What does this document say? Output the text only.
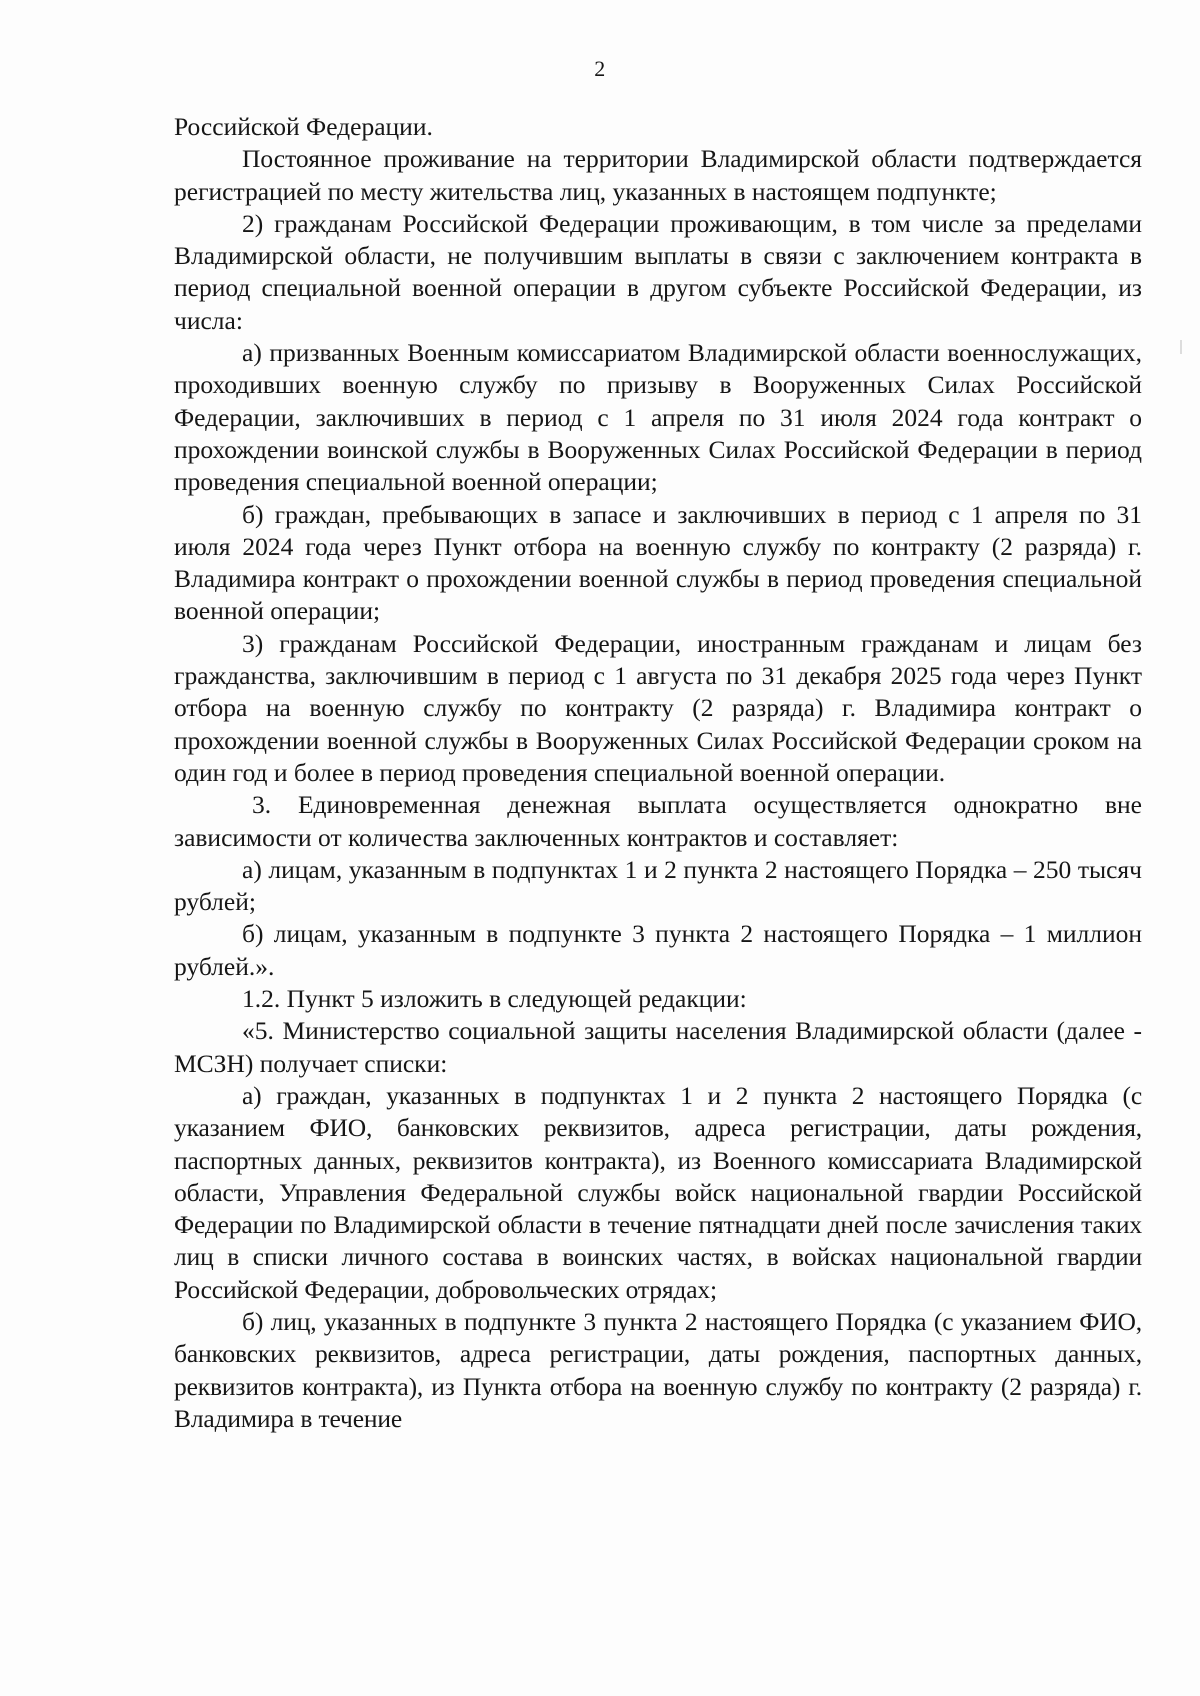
2

Российской Федерации.

Постоянное проживание на территории Владимирской области подтверждается регистрацией по месту жительства лиц, указанных в настоящем подпункте;

2) гражданам Российской Федерации проживающим, в том числе за пределами Владимирской области, не получившим выплаты в связи с заключением контракта в период специальной военной операции в другом субъекте Российской Федерации, из числа:

а) призванных Военным комиссариатом Владимирской области военнослужащих, проходивших военную службу по призыву в Вооруженных Силах Российской Федерации, заключивших в период с 1 апреля по 31 июля 2024 года контракт о прохождении воинской службы в Вооруженных Силах Российской Федерации в период проведения специальной военной операции;

б) граждан, пребывающих в запасе и заключивших в период с 1 апреля по 31 июля 2024 года через Пункт отбора на военную службу по контракту (2 разряда) г. Владимира контракт о прохождении военной службы в период проведения специальной военной операции;

3) гражданам Российской Федерации, иностранным гражданам и лицам без гражданства, заключившим в период с 1 августа по 31 декабря 2025 года через Пункт отбора на военную службу по контракту (2 разряда) г. Владимира контракт о прохождении военной службы в Вооруженных Силах Российской Федерации сроком на один год и более в период проведения специальной военной операции.

3. Единовременная денежная выплата осуществляется однократно вне зависимости от количества заключенных контрактов и составляет:

а) лицам, указанным в подпунктах 1 и 2 пункта 2 настоящего Порядка – 250 тысяч рублей;

б) лицам, указанным в подпункте 3 пункта 2 настоящего Порядка – 1 миллион рублей.».

1.2. Пункт 5 изложить в следующей редакции:

«5. Министерство социальной защиты населения Владимирской области (далее - МСЗН) получает списки:

а) граждан, указанных в подпунктах 1 и 2 пункта 2 настоящего Порядка (с указанием ФИО, банковских реквизитов, адреса регистрации, даты рождения, паспортных данных, реквизитов контракта), из Военного комиссариата Владимирской области, Управления Федеральной службы войск национальной гвардии Российской Федерации по Владимирской области в течение пятнадцати дней после зачисления таких лиц в списки личного состава в воинских частях, в войсках национальной гвардии Российской Федерации, добровольческих отрядах;

б) лиц, указанных в подпункте 3 пункта 2 настоящего Порядка (с указанием ФИО, банковских реквизитов, адреса регистрации, даты рождения, паспортных данных, реквизитов контракта), из Пункта отбора на военную службу по контракту (2 разряда) г. Владимира в течение
